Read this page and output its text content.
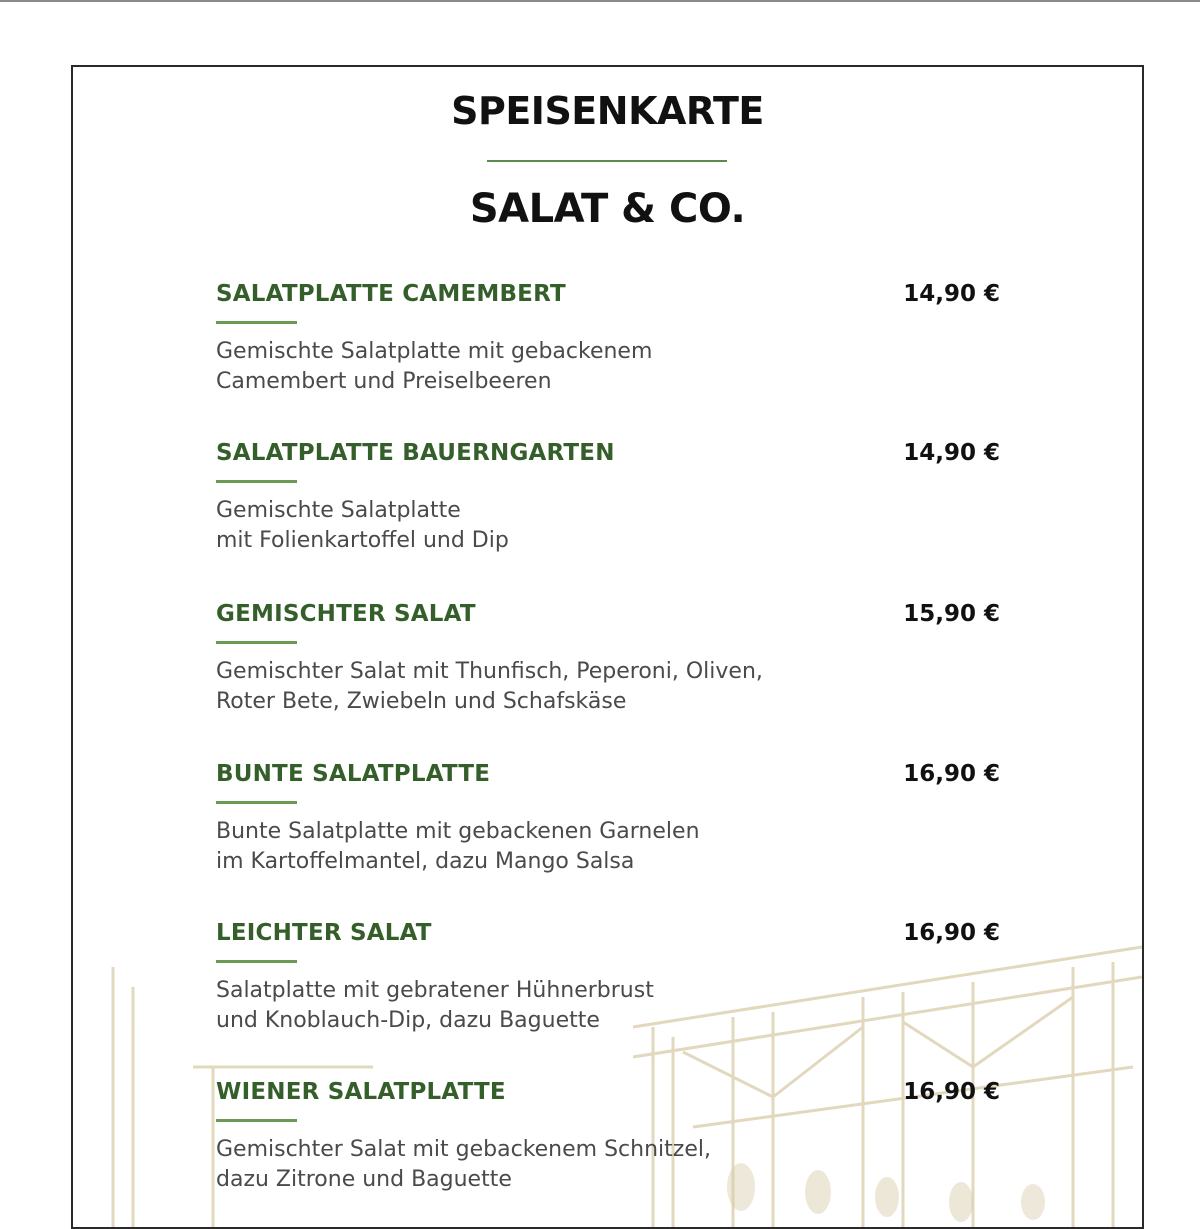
SPEISENKARTE
SALAT & CO.
SALATPLATTE CAMEMBERT	14,90 €
Gemischte Salatplatte mit gebackenem
Camembert und Preiselbeeren
SALATPLATTE BAUERNGARTEN	14,90 €
Gemischte Salatplatte
mit Folienkartoffel und Dip
GEMISCHTER SALAT	15,90 €
Gemischter Salat mit Thunfisch, Peperoni, Oliven,
Roter Bete, Zwiebeln und Schafskäse
BUNTE SALATPLATTE	16,90 €
Bunte Salatplatte mit gebackenen Garnelen
im Kartoffelmantel, dazu Mango Salsa
LEICHTER SALAT	16,90 €
Salatplatte mit gebratener Hühnerbrust
und Knoblauch-Dip, dazu Baguette
WIENER SALATPLATTE	16,90 €
Gemischter Salat mit gebackenem Schnitzel,
dazu Zitrone und Baguette
